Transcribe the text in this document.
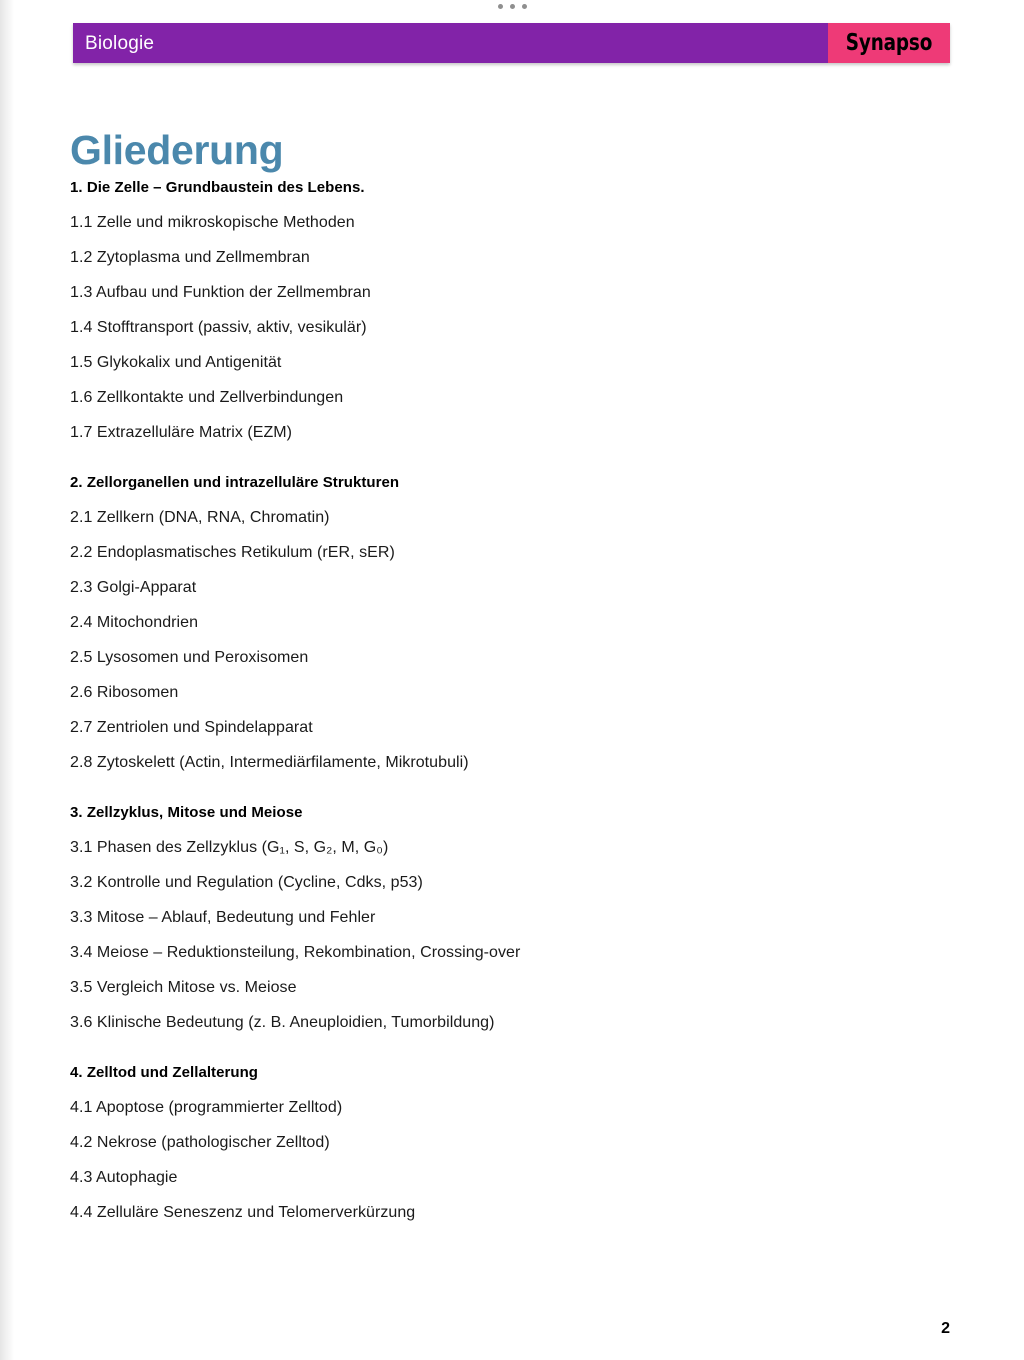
Biologie	Synapso
Gliederung
1. Die Zelle – Grundbaustein des Lebens.
1.1 Zelle und mikroskopische Methoden
1.2 Zytoplasma und Zellmembran
1.3 Aufbau und Funktion der Zellmembran
1.4 Stofftransport (passiv, aktiv, vesikulär)
1.5 Glykokalix und Antigenität
1.6 Zellkontakte und Zellverbindungen
1.7 Extrazelluläre Matrix (EZM)
2. Zellorganellen und intrazelluläre Strukturen
2.1 Zellkern (DNA, RNA, Chromatin)
2.2 Endoplasmatisches Retikulum (rER, sER)
2.3 Golgi-Apparat
2.4 Mitochondrien
2.5 Lysosomen und Peroxisomen
2.6 Ribosomen
2.7 Zentriolen und Spindelapparat
2.8 Zytoskelett (Actin, Intermediärfilamente, Mikrotubuli)
3. Zellzyklus, Mitose und Meiose
3.1 Phasen des Zellzyklus (G₁, S, G₂, M, G₀)
3.2 Kontrolle und Regulation (Cycline, Cdks, p53)
3.3 Mitose – Ablauf, Bedeutung und Fehler
3.4 Meiose – Reduktionsteilung, Rekombination, Crossing-over
3.5 Vergleich Mitose vs. Meiose
3.6 Klinische Bedeutung (z. B. Aneuploidien, Tumorbildung)
4. Zelltod und Zellalterung
4.1 Apoptose (programmierter Zelltod)
4.2 Nekrose (pathologischer Zelltod)
4.3 Autophagie
4.4 Zelluläre Seneszenz und Telomerverkürzung
2
